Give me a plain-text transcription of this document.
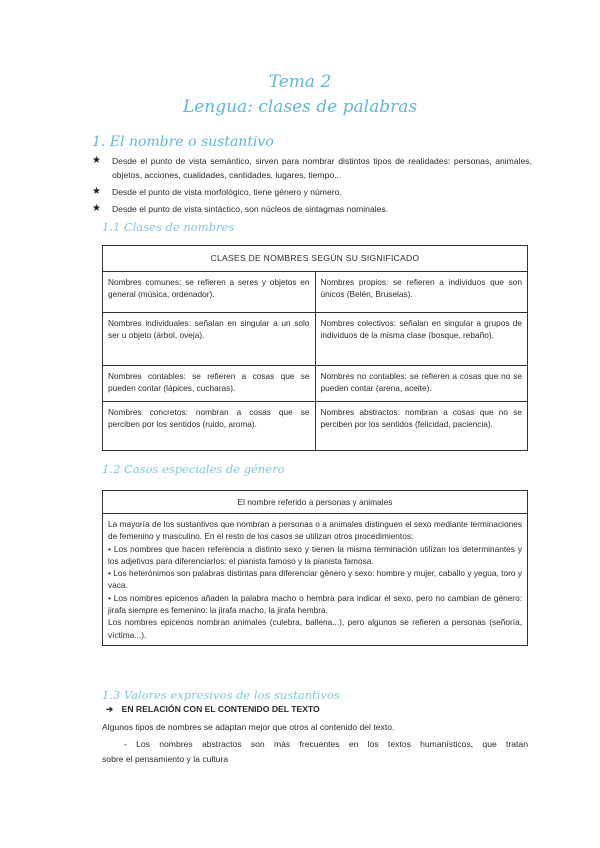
Tema 2
Lengua: clases de palabras
1. El nombre o sustantivo
★ Desde el punto de vista semántico, sirven para nombrar distintos tipos de realidades: personas, animales, objetos, acciones, cualidades, cantidades, lugares, tiempo...
★ Desde el punto de vista morfológico, tiene género y número.
★ Desde el punto de vista sintáctico, son núcleos de sintagmas nominales.
1.1 Clases de nombres
CLASES DE NOMBRES SEGÚN SU SIGNIFICADO	
Nombres comunes: se refieren a seres y objetos en general (música, ordenador).	Nombres propios: se refieren a individuos que son únicos (Belén, Bruselas).
Nombres individuales: señalan en singular a un solo ser u objeto (árbol, oveja).	Nombres colectivos: señalan en singular a grupos de individuos de la misma clase (bosque, rebaño).
Nombres contables: se refieren a cosas que se pueden contar (lápices, cucharas).	Nombres no contables: se refieren a cosas que no se pueden contar (arena, aceite).
Nombres concretos: nombran a cosas que se perciben por los sentidos (ruido, aroma).	Nombres abstractos: nombran a cosas que no se perciben por los sentidos (felicidad, paciencia).
1.2 Casos especiales de género
El nombre referido a personas y animales
La mayoría de los sustantivos que nombran a personas o a animales distinguen el sexo mediante terminaciones de femenino y masculino. En el resto de los casos se utilizan otros procedimientos:
• Los nombres que hacen referencia a distinto sexo y tienen la misma terminación utilizan los determinantes y los adjetivos para diferenciarlos: el pianista famoso y la pianista famosa.
• Los heterónimos son palabras distintas para diferenciar género y sexo: hombre y mujer, caballo y yegua, toro y vaca.
• Los nombres epicenos añaden la palabra macho o hembra para indicar el sexo, pero no cambian de género: jirafa siempre es femenino: la jirafa macho, la jirafa hembra.
Los nombres epicenos nombran animales (culebra, ballena...), pero algunos se refieren a personas (señoría, víctima...).
1.3 Valores expresivos de los sustantivos
➔ EN RELACIÓN CON EL CONTENIDO DEL TEXTO
Algunos tipos de nombres se adaptan mejor que otros al contenido del texto.
- Los nombres abstractos son más frecuentes en los textos humanísticos, que tratan
sobre el pensamiento y la cultura
